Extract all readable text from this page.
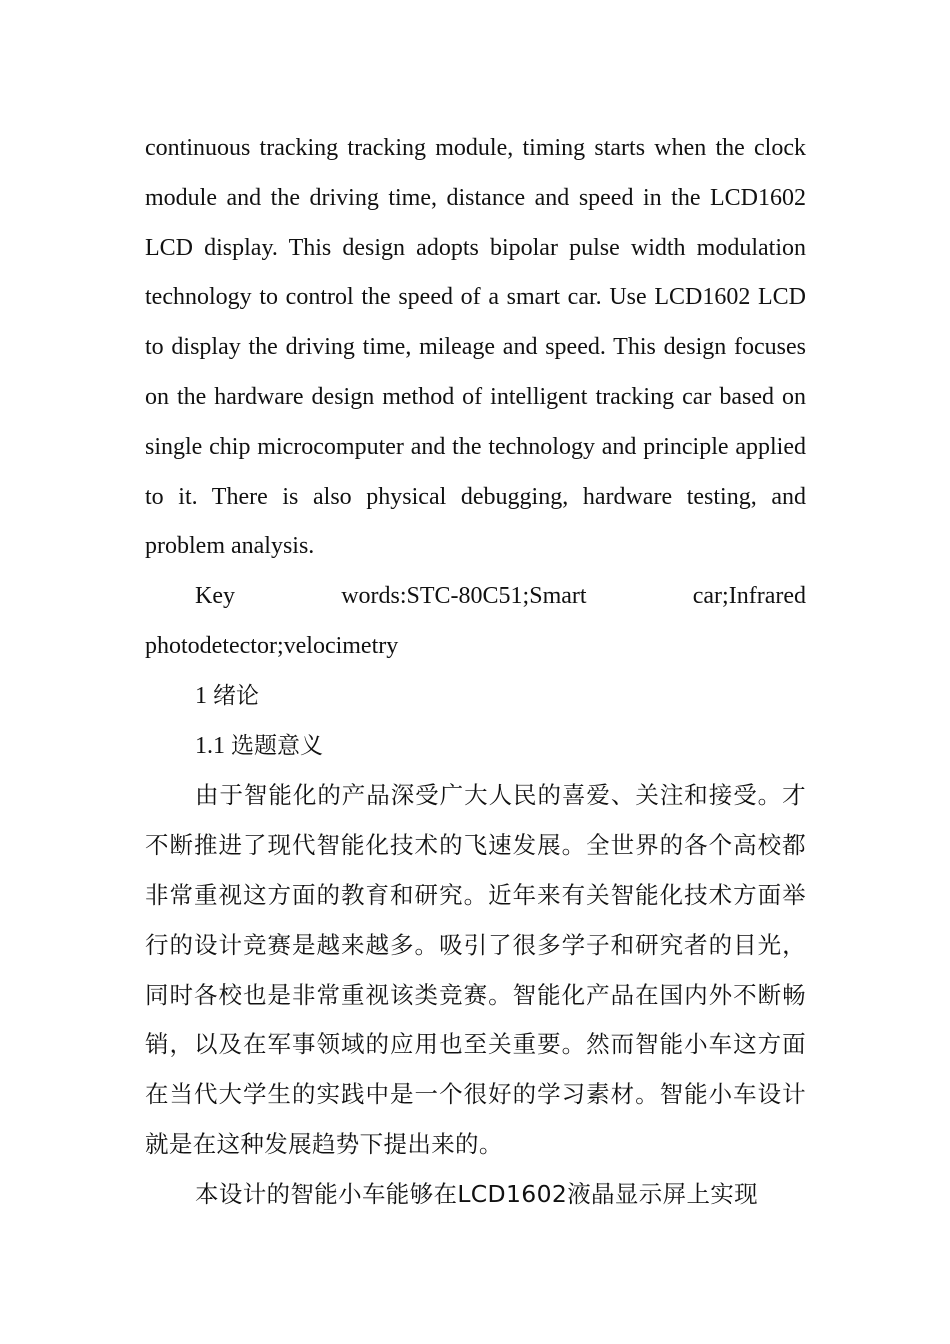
continuous tracking tracking module, timing starts when the clock module and the driving time, distance and speed in the LCD1602 LCD display. This design adopts bipolar pulse width modulation technology to control the speed of a smart car. Use LCD1602 LCD to display the driving time, mileage and speed. This design focuses on the hardware design method of intelligent tracking car based on single chip microcomputer and the technology and principle applied to it. There is also physical debugging, hardware testing, and problem analysis.

Key words:STC-80C51;Smart car;Infrared photodetector;velocimetry

1 绪论

1.1 选题意义

由于智能化的产品深受广大人民的喜爱、关注和接受。才不断推进了现代智能化技术的飞速发展。全世界的各个高校都非常重视这方面的教育和研究。近年来有关智能化技术方面举行的设计竞赛是越来越多。吸引了很多学子和研究者的目光，同时各校也是非常重视该类竞赛。智能化产品在国内外不断畅销，以及在军事领域的应用也至关重要。然而智能小车这方面在当代大学生的实践中是一个很好的学习素材。智能小车设计就是在这种发展趋势下提出来的。

本设计的智能小车能够在LCD1602液晶显示屏上实现
